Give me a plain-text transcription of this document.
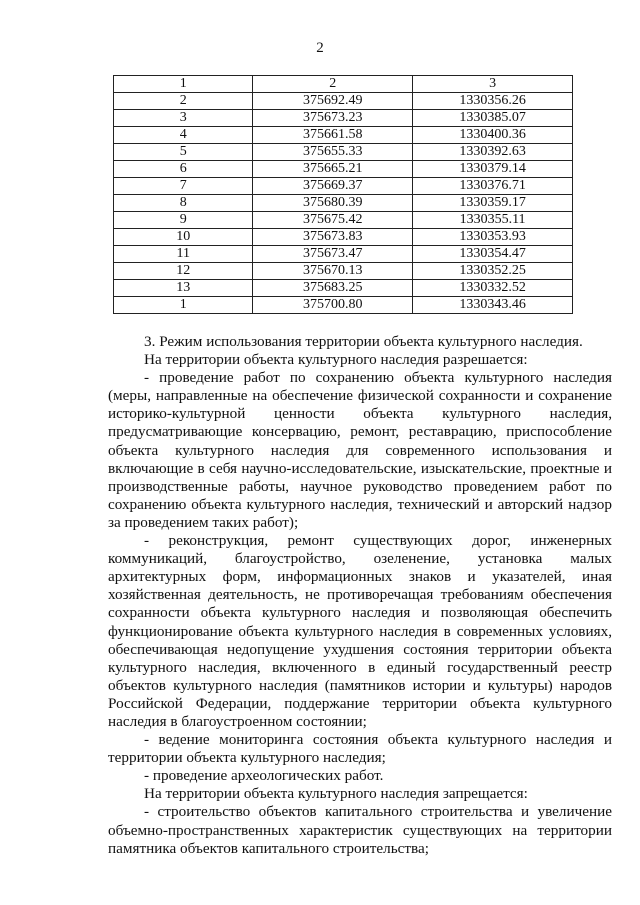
2
1	2	3
2	375692.49	1330356.26
3	375673.23	1330385.07
4	375661.58	1330400.36
5	375655.33	1330392.63
6	375665.21	1330379.14
7	375669.37	1330376.71
8	375680.39	1330359.17
9	375675.42	1330355.11
10	375673.83	1330353.93
11	375673.47	1330354.47
12	375670.13	1330352.25
13	375683.25	1330332.52
1	375700.80	1330343.46

3. Режим использования территории объекта культурного наследия.

На территории объекта культурного наследия разрешается:

- проведение работ по сохранению объекта культурного наследия (меры, направленные на обеспечение физической сохранности и сохранение историко-культурной ценности объекта культурного наследия, предусматривающие консервацию, ремонт, реставрацию, приспособление объекта культурного наследия для современного использования и включающие в себя научно-исследовательские, изыскательские, проектные и производственные работы, научное руководство проведением работ по сохранению объекта культурного наследия, технический и авторский надзор за проведением таких работ);

- реконструкция, ремонт существующих дорог, инженерных коммуникаций, благоустройство, озеленение, установка малых архитектурных форм, информационных знаков и указателей, иная хозяйственная деятельность, не противоречащая требованиям обеспечения сохранности объекта культурного наследия и позволяющая обеспечить функционирование объекта культурного наследия в современных условиях, обеспечивающая недопущение ухудшения состояния территории объекта культурного наследия, включенного в единый государственный реестр объектов культурного наследия (памятников истории и культуры) народов Российской Федерации, поддержание территории объекта культурного наследия в благоустроенном состоянии;

- ведение мониторинга состояния объекта культурного наследия и территории объекта культурного наследия;

- проведение археологических работ.

На территории объекта культурного наследия запрещается:

- строительство объектов капитального строительства и увеличение объемно-пространственных характеристик существующих на территории памятника объектов капитального строительства;
